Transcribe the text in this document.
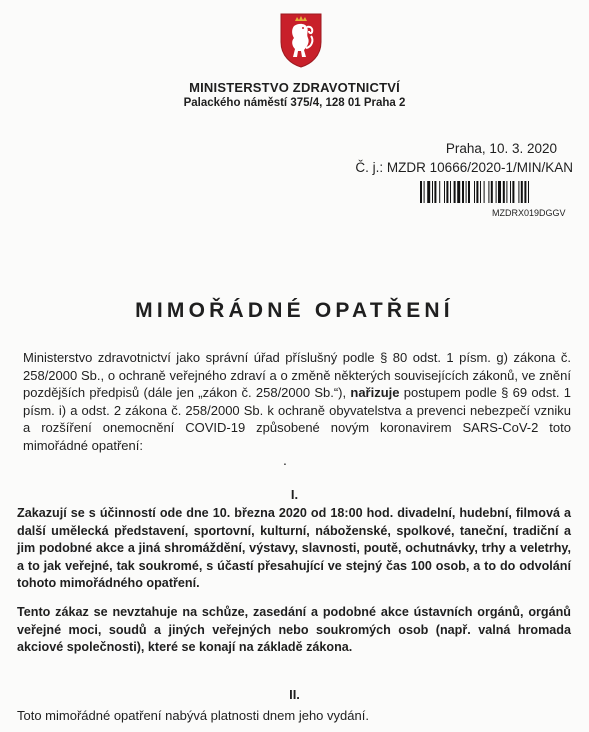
MINISTERSTVO ZDRAVOTNICTVÍ
Palackého náměstí 375/4, 128 01 Praha 2
Praha, 10. 3. 2020
Č. j.: MZDR 10666/2020-1/MIN/KAN
MZDRX019DGGV
MIMOŘÁDNÉ OPATŘENÍ
Ministerstvo zdravotnictví jako správní úřad příslušný podle § 80 odst. 1 písm. g) zákona č. 258/2000 Sb., o ochraně veřejného zdraví a o změně některých souvisejících zákonů, ve znění pozdějších předpisů (dále jen „zákon č. 258/2000 Sb.“), nařizuje postupem podle § 69 odst. 1 písm. i) a odst. 2 zákona č. 258/2000 Sb. k ochraně obyvatelstva a prevenci nebezpečí vzniku a rozšíření onemocnění COVID-19 způsobené novým koronavirem SARS-CoV-2 toto mimořádné opatření:
.
I.
Zakazují se s účinností ode dne 10. března 2020 od 18:00 hod. divadelní, hudební, filmová a další umělecká představení, sportovní, kulturní, náboženské, spolkové, taneční, tradiční a jim podobné akce a jiná shromáždění, výstavy, slavnosti, poutě, ochutnávky, trhy a veletrhy, a to jak veřejné, tak soukromé, s účastí přesahující ve stejný čas 100 osob, a to do odvolání tohoto mimořádného opatření.
Tento zákaz se nevztahuje na schůze, zasedání a podobné akce ústavních orgánů, orgánů veřejné moci, soudů a jiných veřejných nebo soukromých osob (např. valná hromada akciové společnosti), které se konají na základě zákona.
II.
Toto mimořádné opatření nabývá platnosti dnem jeho vydání.
